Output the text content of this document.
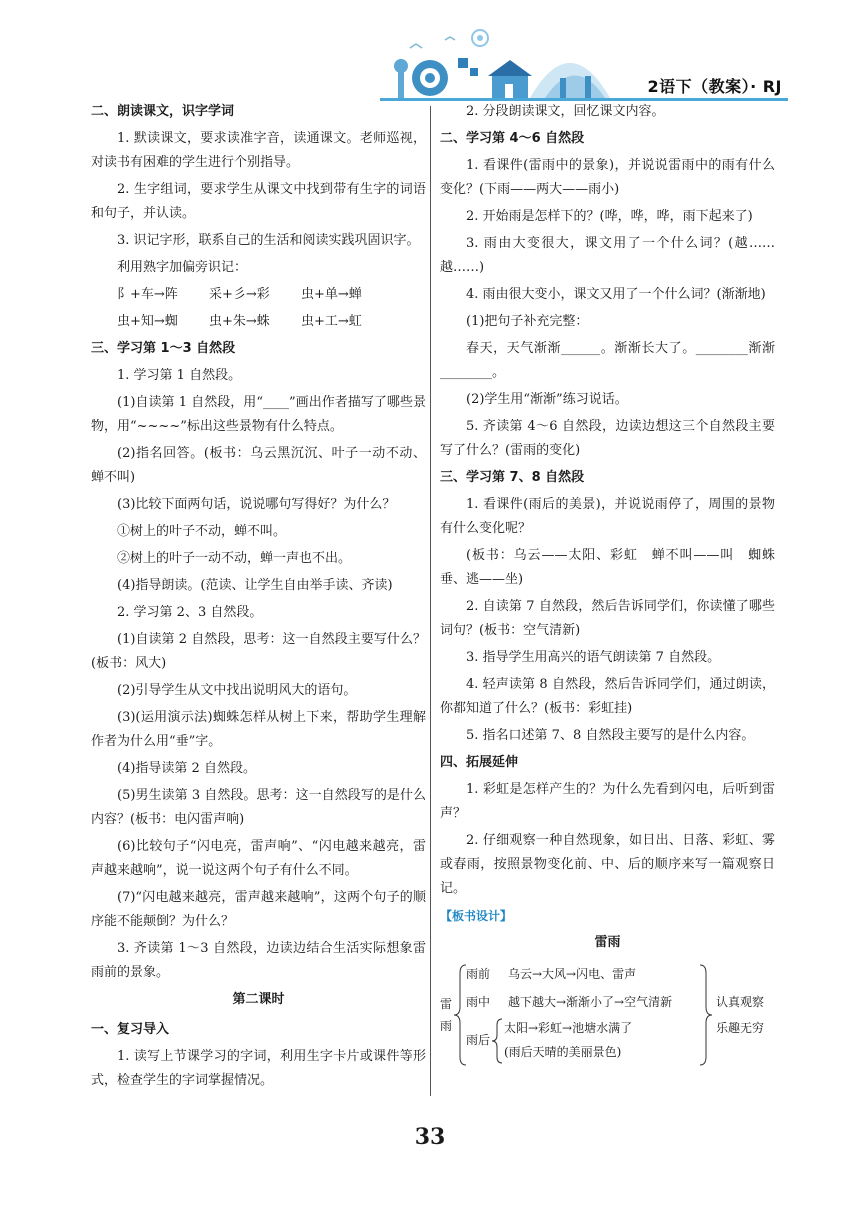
2语下（教案）· RJ
二、朗读课文，识字学词

1. 默读课文，要求读准字音，读通课文。老师巡视，对读书有困难的学生进行个别指导。

2. 生字组词，要求学生从课文中找到带有生字的词语和句子，并认读。

3. 识记字形，联系自己的生活和阅读实践巩固识字。

利用熟字加偏旁识记：

阝+车→阵 采+彡→彩 虫+单→蝉
虫+知→蜘 虫+朱→蛛 虫+工→虹
三、学习第 1～3 自然段

1. 学习第 1 自然段。

(1)自读第 1 自然段，用“____”画出作者描写了哪些景物，用“~~~~”标出这些景物有什么特点。

(2)指名回答。(板书：乌云黑沉沉、叶子一动不动、蝉不叫)

(3)比较下面两句话，说说哪句写得好？为什么？

①树上的叶子不动，蝉不叫。

②树上的叶子一动不动，蝉一声也不出。

(4)指导朗读。(范读、让学生自由举手读、齐读)

2. 学习第 2、3 自然段。

(1)自读第 2 自然段，思考：这一自然段主要写什么？(板书：风大)

(2)引导学生从文中找出说明风大的语句。

(3)(运用演示法)蜘蛛怎样从树上下来，帮助学生理解作者为什么用“垂”字。

(4)指导读第 2 自然段。

(5)男生读第 3 自然段。思考：这一自然段写的是什么内容？(板书：电闪雷声响)

(6)比较句子“闪电亮，雷声响”、“闪电越来越亮，雷声越来越响”，说一说这两个句子有什么不同。

(7)“闪电越来越亮，雷声越来越响”，这两个句子的顺序能不能颠倒？为什么？

3. 齐读第 1～3 自然段，边读边结合生活实际想象雷雨前的景象。

第二课时
一、复习导入

1. 读写上节课学习的字词，利用生字卡片或课件等形式，检查学生的字词掌握情况。

2. 分段朗读课文，回忆课文内容。

二、学习第 4～6 自然段

1. 看课件(雷雨中的景象)，并说说雷雨中的雨有什么变化？(下雨——两大——雨小)

2. 开始雨是怎样下的？(哗，哗，哗，雨下起来了)

3. 雨由大变很大，课文用了一个什么词？(越……越……)

4. 雨由很大变小，课文又用了一个什么词？(渐渐地)

(1)把句子补充完整：

春天，天气渐渐______。渐渐长大了。________渐渐________。

(2)学生用“渐渐”练习说话。

5. 齐读第 4～6 自然段，边读边想这三个自然段主要写了什么？(雷雨的变化)

三、学习第 7、8 自然段

1. 看课件(雨后的美景)，并说说雨停了，周围的景物有什么变化呢？

(板书：乌云——太阳、彩虹　蝉不叫——叫　蜘蛛垂、逃——坐)

2. 自读第 7 自然段，然后告诉同学们，你读懂了哪些词句？(板书：空气清新)

3. 指导学生用高兴的语气朗读第 7 自然段。

4. 轻声读第 8 自然段，然后告诉同学们，通过朗读，你都知道了什么？(板书：彩虹挂)

5. 指名口述第 7、8 自然段主要写的是什么内容。

四、拓展延伸

1. 彩虹是怎样产生的？为什么先看到闪电，后听到雷声？

2. 仔细观察一种自然现象，如日出、日落、彩虹、雾或春雨，按照景物变化前、中、后的顺序来写一篇观察日记。

【板书设计】
雷雨
雷雨
雨前 乌云→大风→闪电、雷声
雨中 越下越大→渐渐小了→空气清新
雨后
太阳→彩虹→池塘水满了
(雨后天晴的美丽景色)
认真观察
乐趣无穷
33
